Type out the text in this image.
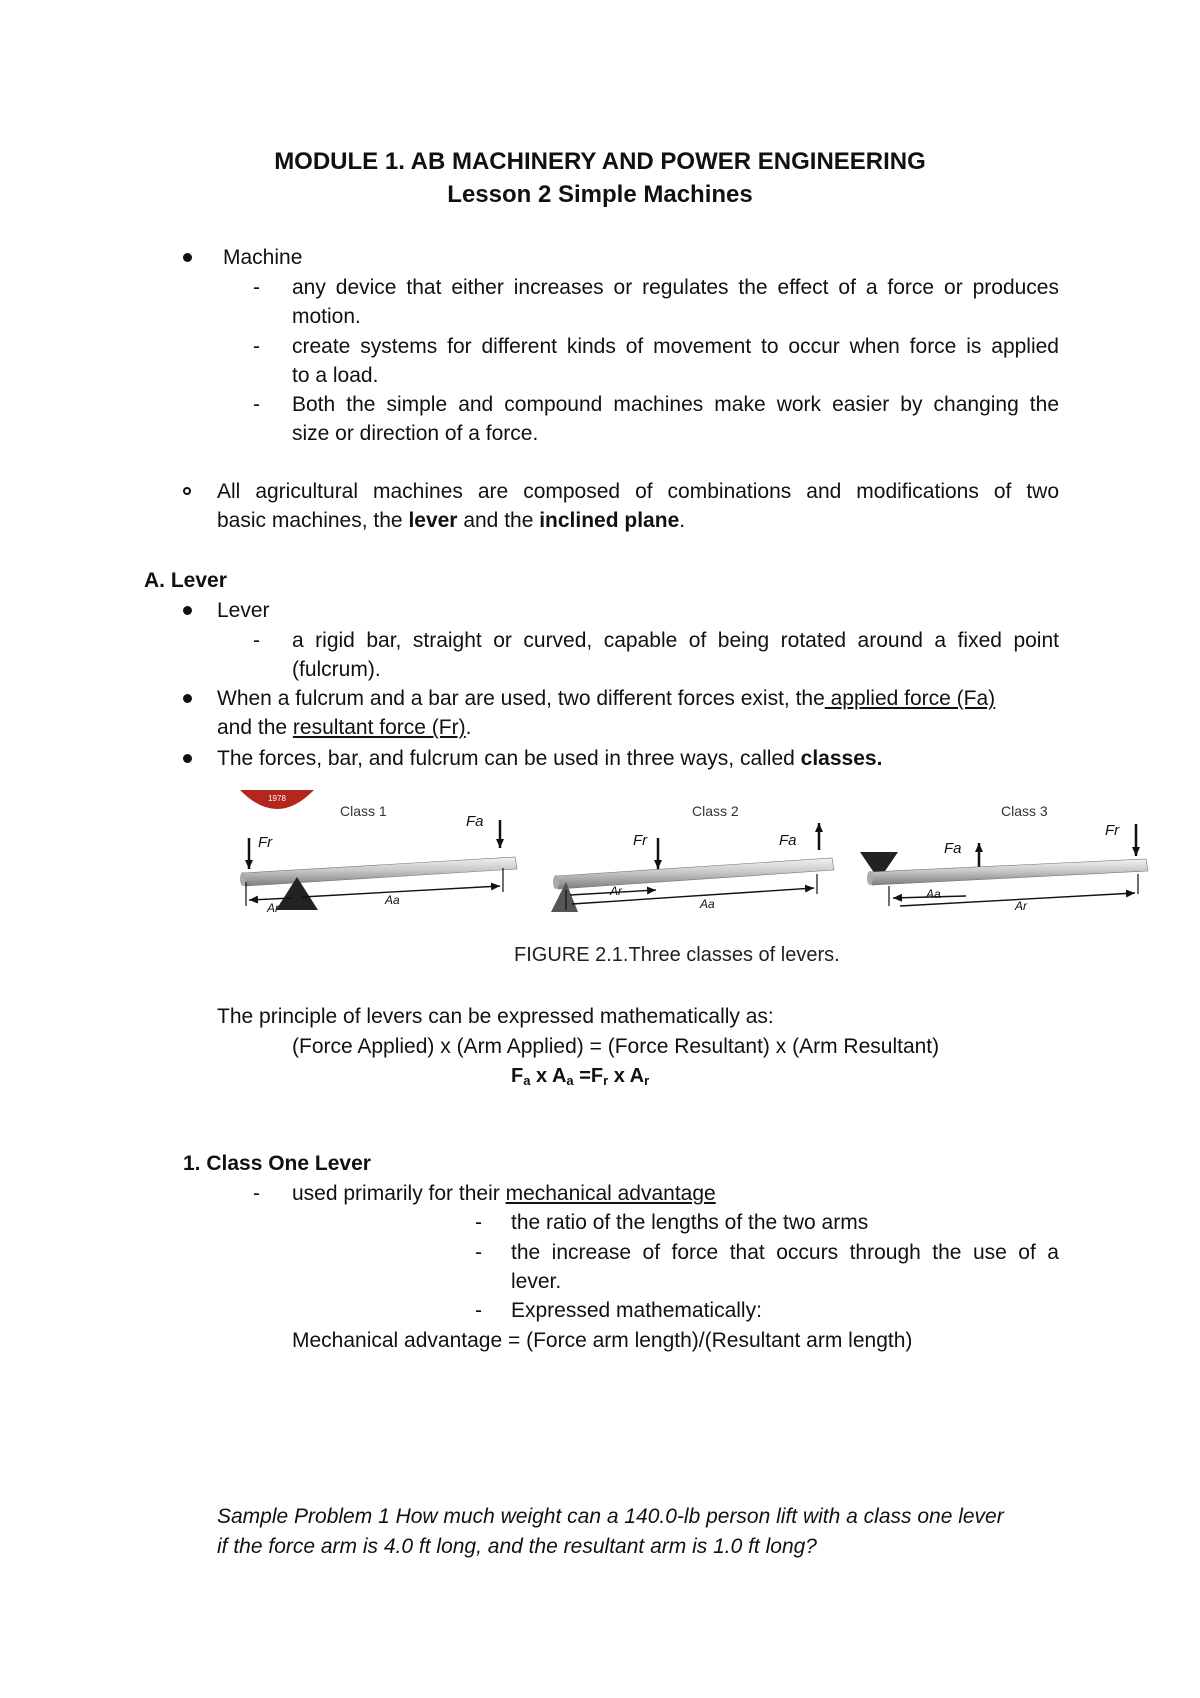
MODULE 1. AB MACHINERY AND POWER ENGINEERING
Lesson 2 Simple Machines
Machine
- any device that either increases or regulates the effect of a force or produces
motion.
- create systems for different kinds of movement to occur when force is applied
to a load.
- Both the simple and compound machines make work easier by changing the
size or direction of a force.
All agricultural machines are composed of combinations and modifications of two
basic machines, the lever and the inclined plane.
A. Lever
Lever
- a rigid bar, straight or curved, capable of being rotated around a fixed point
(fulcrum).
When a fulcrum and a bar are used, two different forces exist, the applied force (Fa)
and the resultant force (Fr).
The forces, bar, and fulcrum can be used in three ways, called classes.
1978
Class 1
Fa
Fr
Ar
Aa
Class 2
Fa
Fr
Ar
Aa
Class 3
Fa
Fr
Aa
Ar
FIGURE 2.1.Three classes of levers.
The principle of levers can be expressed mathematically as:
(Force Applied) x (Arm Applied) = (Force Resultant) x (Arm Resultant)
$F_a$ x $A_a =F_r$ x $A_r$
1. Class One Lever
- used primarily for their mechanical advantage
- the ratio of the lengths of the two arms
- the increase of force that occurs through the use of a
lever.
- Expressed mathematically:
Mechanical advantage = (Force arm length)/(Resultant arm length)
Sample Problem 1 How much weight can a 140.0-lb person lift with a class one lever
if the force arm is 4.0 ft long, and the resultant arm is 1.0 ft long?
